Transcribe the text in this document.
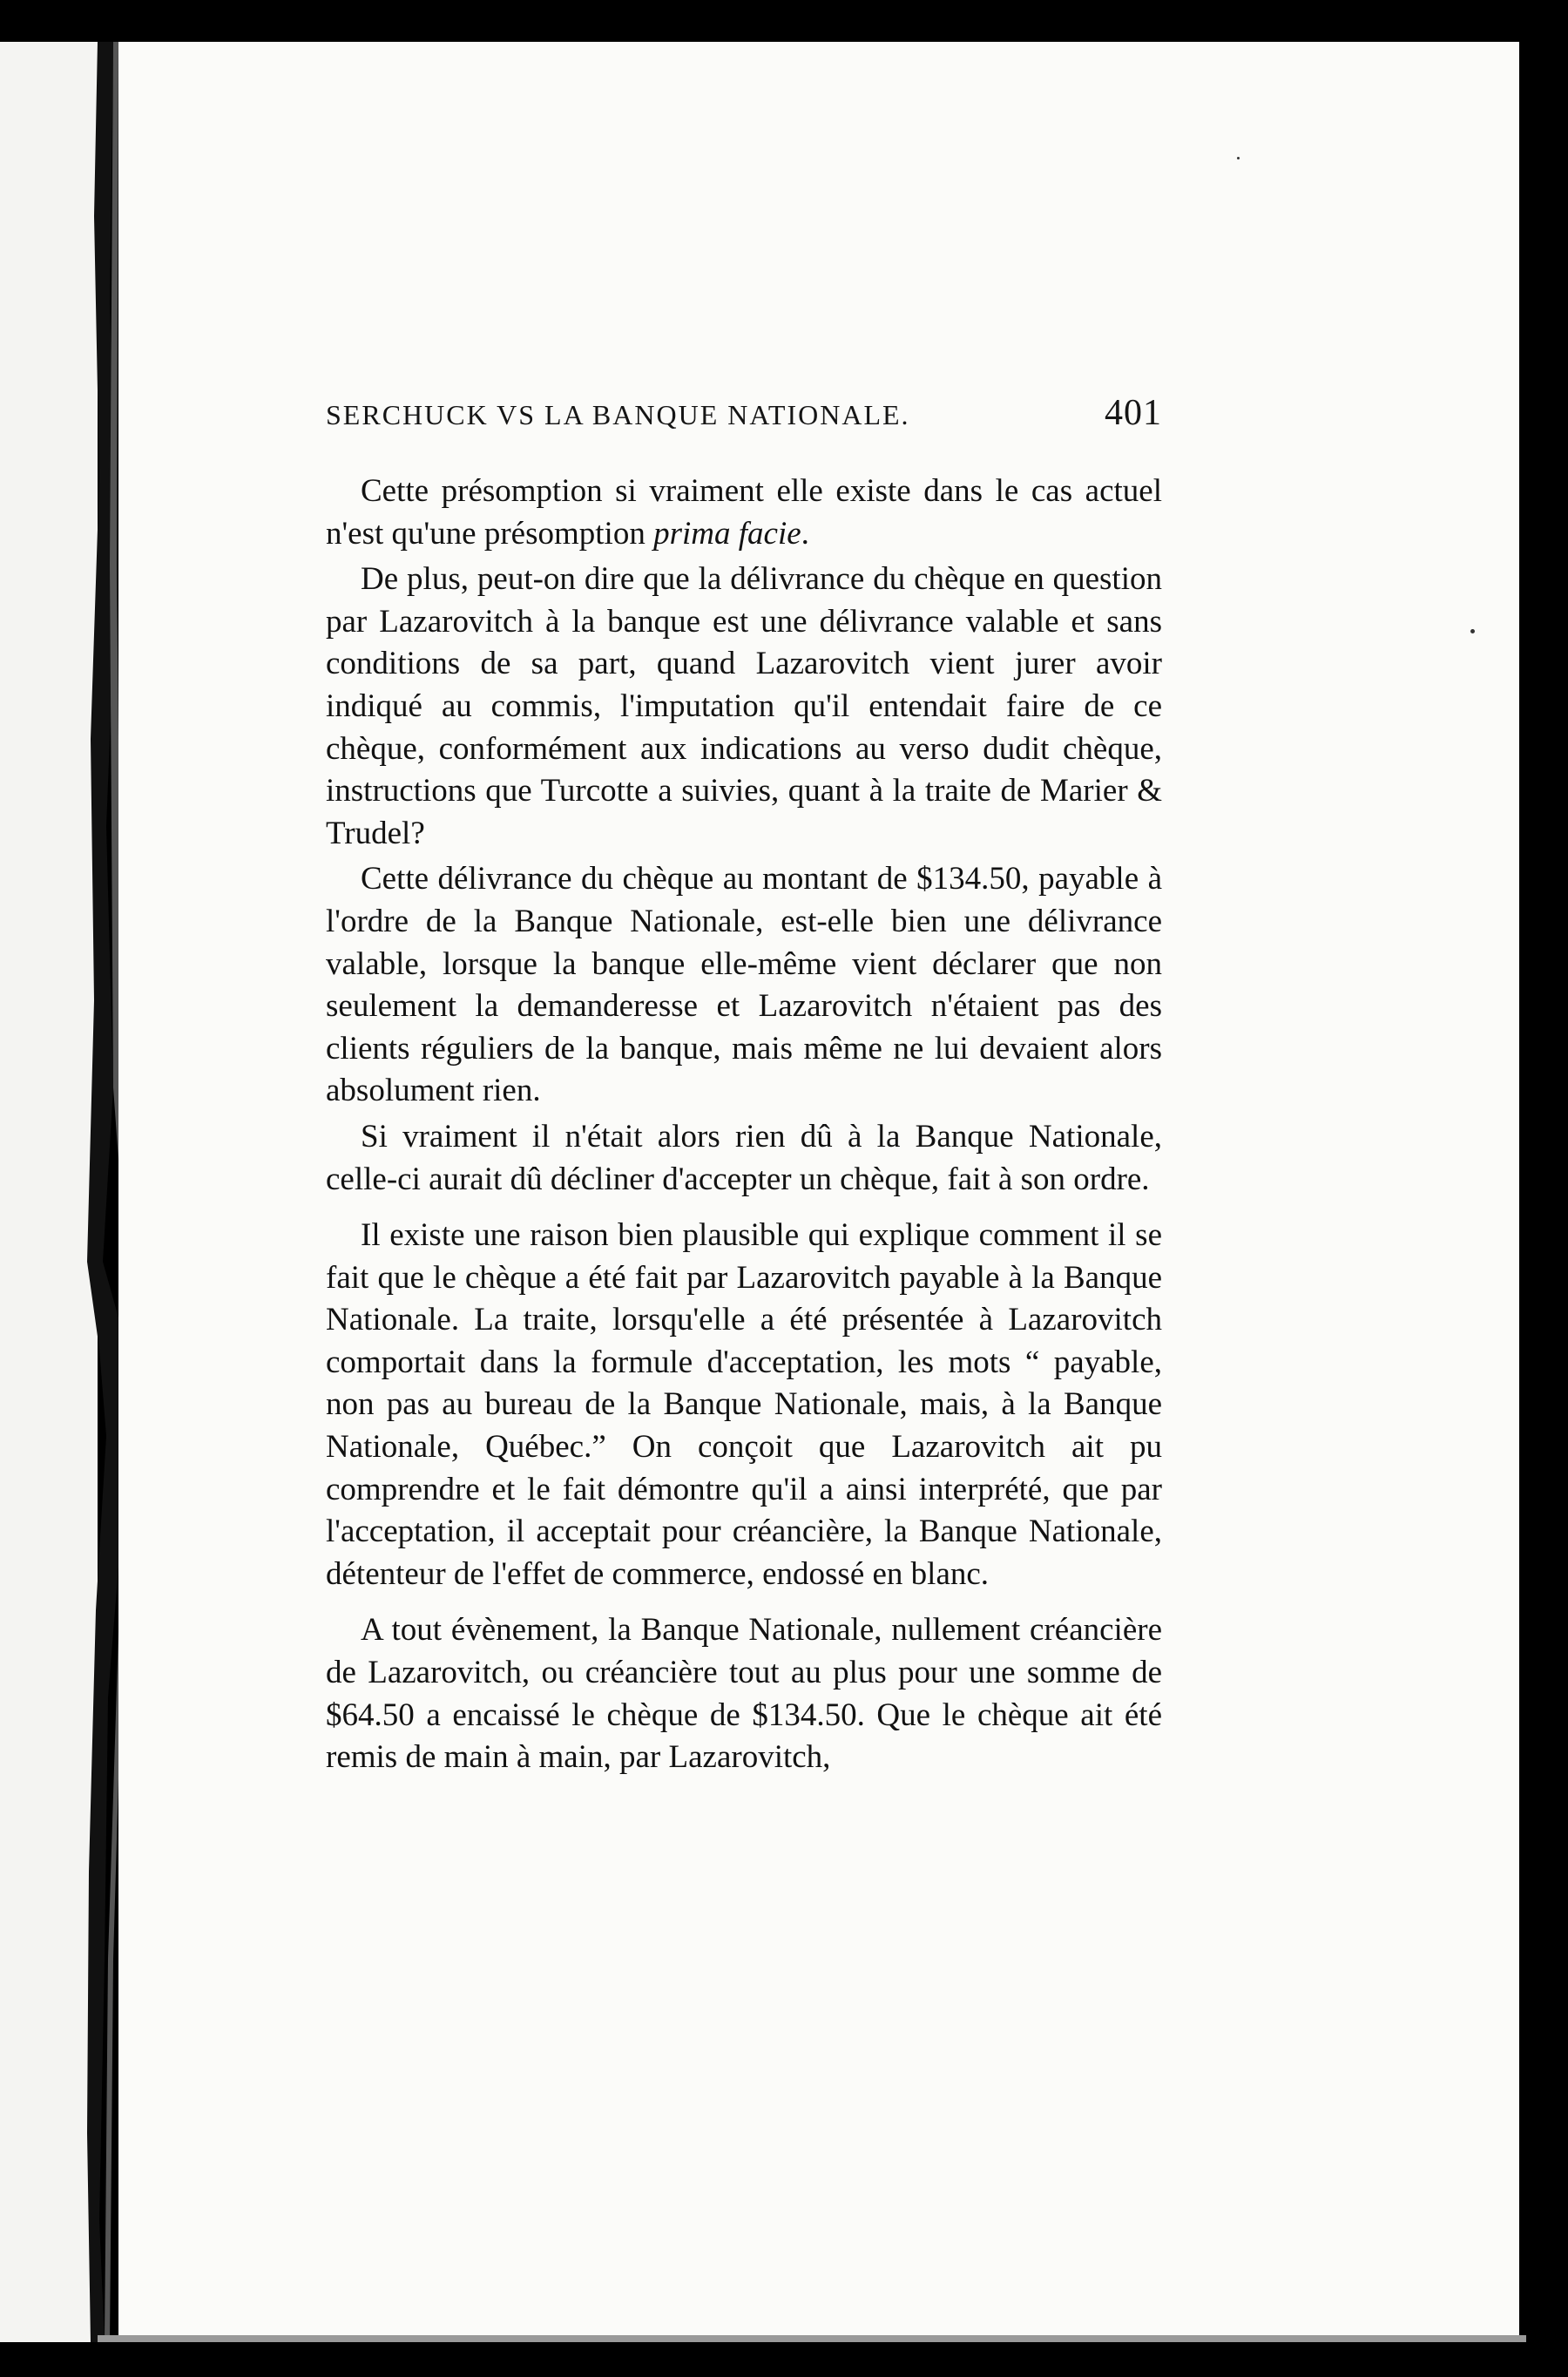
SERCHUCK VS LA BANQUE NATIONALE.	401

Cette présomption si vraiment elle existe dans le cas actuel n'est qu'une présomption prima facie.

De plus, peut-on dire que la délivrance du chèque en question par Lazarovitch à la banque est une délivrance valable et sans conditions de sa part, quand Lazarovitch vient jurer avoir indiqué au commis, l'imputation qu'il entendait faire de ce chèque, conformément aux indications au verso dudit chèque, instructions que Turcotte a suivies, quant à la traite de Marier & Trudel?

Cette délivrance du chèque au montant de $134.50, payable à l'ordre de la Banque Nationale, est-elle bien une délivrance valable, lorsque la banque elle-même vient déclarer que non seulement la demanderesse et Lazarovitch n'étaient pas des clients réguliers de la banque, mais même ne lui devaient alors absolument rien.

Si vraiment il n'était alors rien dû à la Banque Nationale, celle-ci aurait dû décliner d'accepter un chèque, fait à son ordre.

Il existe une raison bien plausible qui explique comment il se fait que le chèque a été fait par Lazarovitch payable à la Banque Nationale. La traite, lorsqu'elle a été présentée à Lazarovitch comportait dans la formule d'acceptation, les mots “ payable, non pas au bureau de la Banque Nationale, mais, à la Banque Nationale, Québec.” On conçoit que Lazarovitch ait pu comprendre et le fait démontre qu'il a ainsi interprété, que par l'acceptation, il acceptait pour créancière, la Banque Nationale, détenteur de l'effet de commerce, endossé en blanc.

A tout évènement, la Banque Nationale, nullement créancière de Lazarovitch, ou créancière tout au plus pour une somme de $64.50 a encaissé le chèque de $134.50. Que le chèque ait été remis de main à main, par Lazarovitch,
